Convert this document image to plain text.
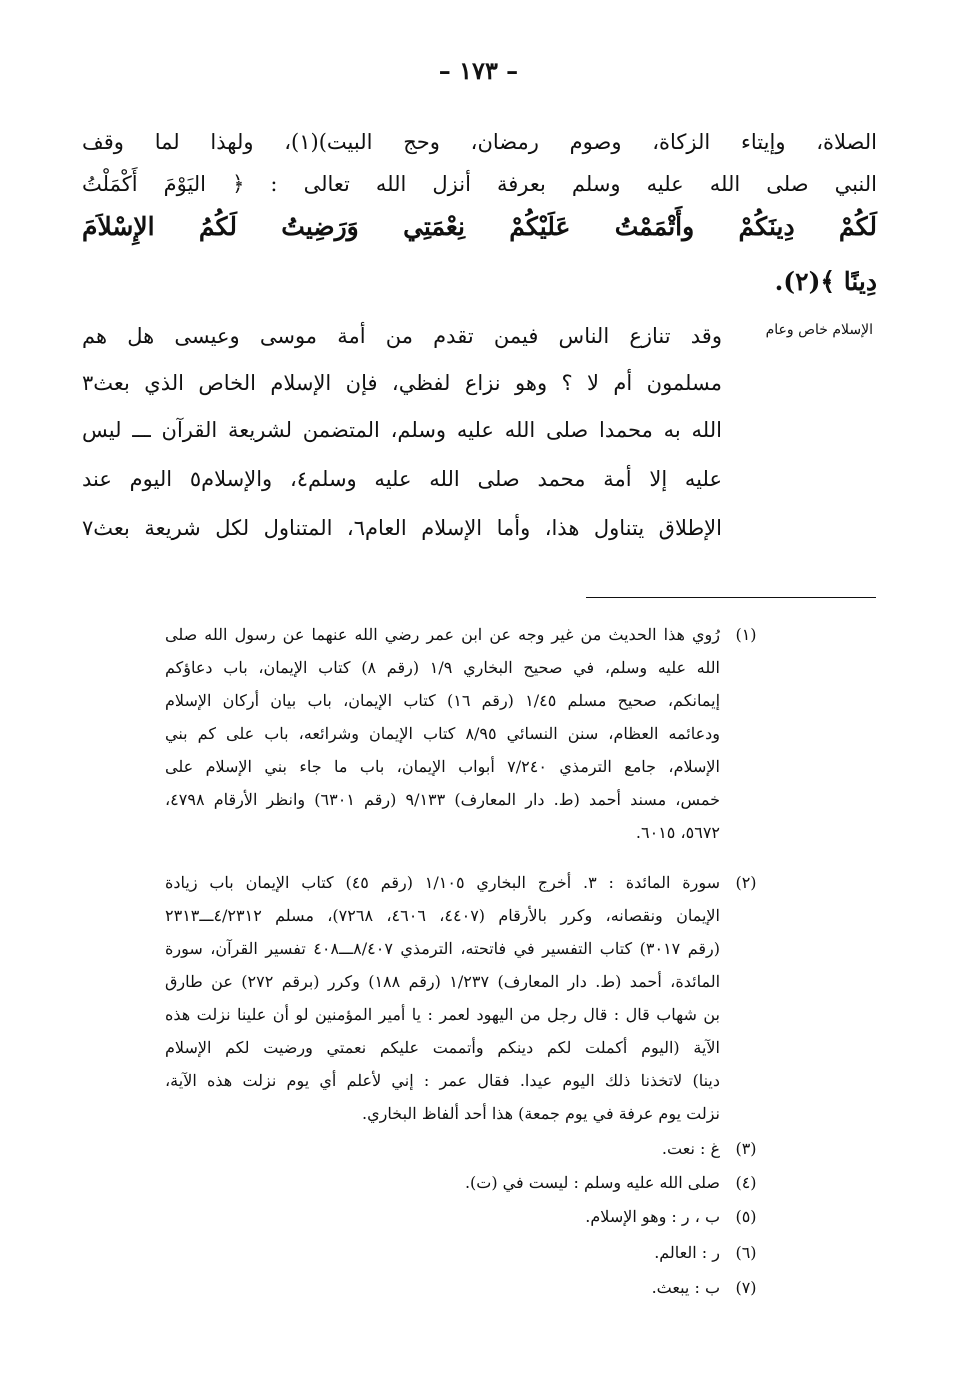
– ١٧٣ –
الصلاة، وإيتاء الزكاة، وصوم رمضان، وحج البيت)(١)، ولهذا لما وقف
النبي صلى الله عليه وسلم بعرفة أنزل الله تعالى : ﴿ اليَوْمَ أَكْمَلْتُ
لَكُمْ دِينَكُمْ وأَتْمَمْتُ عَلَيْكُمْ نِعْمَتِي وَرَضِيتُ لَكُمُ الإِسْلاَمَ
دِينًا ﴾(٢).
الإسلام خاص وعام
وقد تنازع الناس فيمن تقدم من أمة موسى وعيسى هل هم
مسلمون أم لا ؟ وهو نزاع لفظي، فإن الإسلام الخاص الذي بعث٣
الله به محمدا صلى الله عليه وسلم، المتضمن لشريعة القرآن ـــ ليس
عليه إلا أمة محمد صلى الله عليه وسلم٤، والإسلام٥ اليوم عند
الإطلاق يتناول هذا، وأما الإسلام العام٦، المتناول لكل شريعة بعث٧
(١)
رُوي هذا الحديث من غير وجه عن ابن عمر رضي الله عنهما عن رسول الله صلى
الله عليه وسلم، في صحيح البخاري ١/٩ (رقم ٨) كتاب الإيمان، باب دعاؤكم
إيمانكم، صحيح مسلم ١/٤٥ (رقم ١٦) كتاب الإيمان، باب بيان أركان الإسلام
ودعائمه العظام، سنن النسائي ٨/٩٥ كتاب الإيمان وشرائعه، باب على كم بني
الإسلام، جامع الترمذي ٧/٢٤٠ أبواب الإيمان، باب ما جاء بني الإسلام على
خمس، مسند أحمد (ط. دار المعارف) ٩/١٣٣ (رقم ٦٣٠١) وانظر الأرقام ٤٧٩٨،
٥٦٧٢، ٦٠١٥.
(٢)
سورة المائدة : ٣. أخرج البخاري ١/١٠٥ (رقم ٤٥) كتاب الإيمان باب زيادة
الإيمان ونقصانه، وكرر بالأرقام (٤٤٠٧، ٤٦٠٦، ٧٢٦٨)، مسلم ٤/٢٣١٢ـــ٢٣١٣
(رقم ٣٠١٧) كتاب التفسير في فاتحته، الترمذي ٨/٤٠٧ـــ٤٠٨ تفسير القرآن، سورة
المائدة، أحمد (ط. دار المعارف) ١/٢٣٧ (رقم ١٨٨) وكرر (برقم ٢٧٢) عن طارق
بن شهاب قال : قال رجل من اليهود لعمر : يا أمير المؤمنين لو أن علينا نزلت هذه
الآية (اليوم أكملت لكم دينكم وأتممت عليكم نعمتي ورضيت لكم الإسلام
دينا) لاتخذنا ذلك اليوم عيدا. فقال عمر : إني لأعلم أي يوم نزلت هذه الآية،
نزلت يوم عرفة في يوم جمعة) هذا أحد ألفاظ البخاري.
(٣)
غ : نعت.
(٤)
صلى الله عليه وسلم : ليست في (ت).
(٥)
ب ، ر : وهو الإسلام.
(٦)
ر : العالم.
(٧)
ب : يبعث.
